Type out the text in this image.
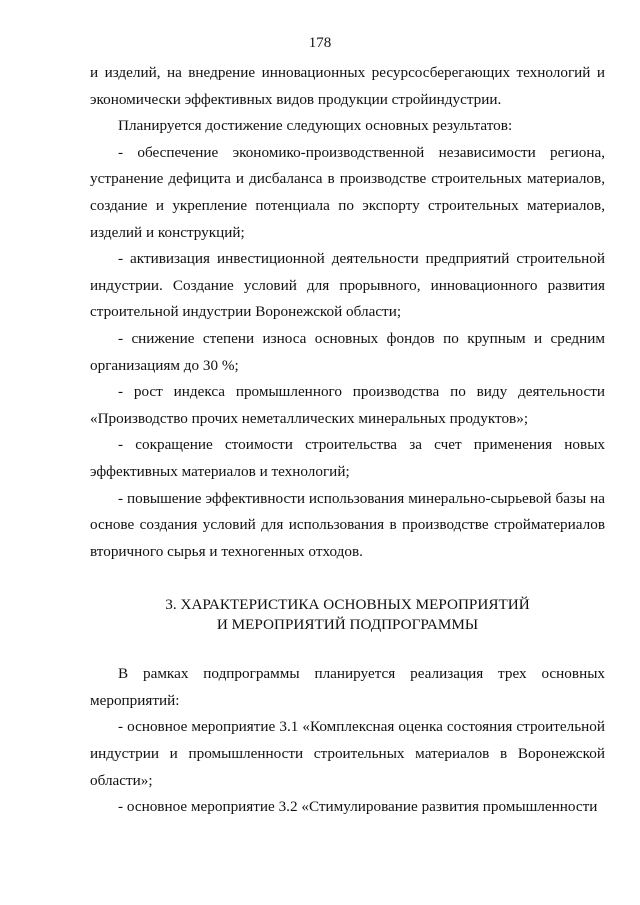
178

и изделий, на внедрение инновационных ресурсосберегающих технологий и экономически эффективных видов продукции стройиндустрии.

Планируется достижение следующих основных результатов:

- обеспечение экономико-производственной независимости региона, устранение дефицита и дисбаланса в производстве строительных материалов, создание и укрепление потенциала по экспорту строительных материалов, изделий и конструкций;

- активизация инвестиционной деятельности предприятий строительной индустрии. Создание условий для прорывного, инновационного развития строительной индустрии Воронежской области;

- снижение степени износа основных фондов по крупным и средним организациям до 30 %;

- рост индекса промышленного производства по виду деятельности «Производство прочих неметаллических минеральных продуктов»;

- сокращение стоимости строительства за счет применения новых эффективных материалов и технологий;

- повышение эффективности использования минерально-сырьевой базы на основе создания условий для использования в производстве стройматериалов вторичного сырья и техногенных отходов.

3. ХАРАКТЕРИСТИКА ОСНОВНЫХ МЕРОПРИЯТИЙ
И МЕРОПРИЯТИЙ ПОДПРОГРАММЫ

В рамках подпрограммы планируется реализация трех основных мероприятий:

- основное мероприятие 3.1 «Комплексная оценка состояния строительной индустрии и промышленности строительных материалов в Воронежской области»;

- основное мероприятие 3.2 «Стимулирование развития промышленности
